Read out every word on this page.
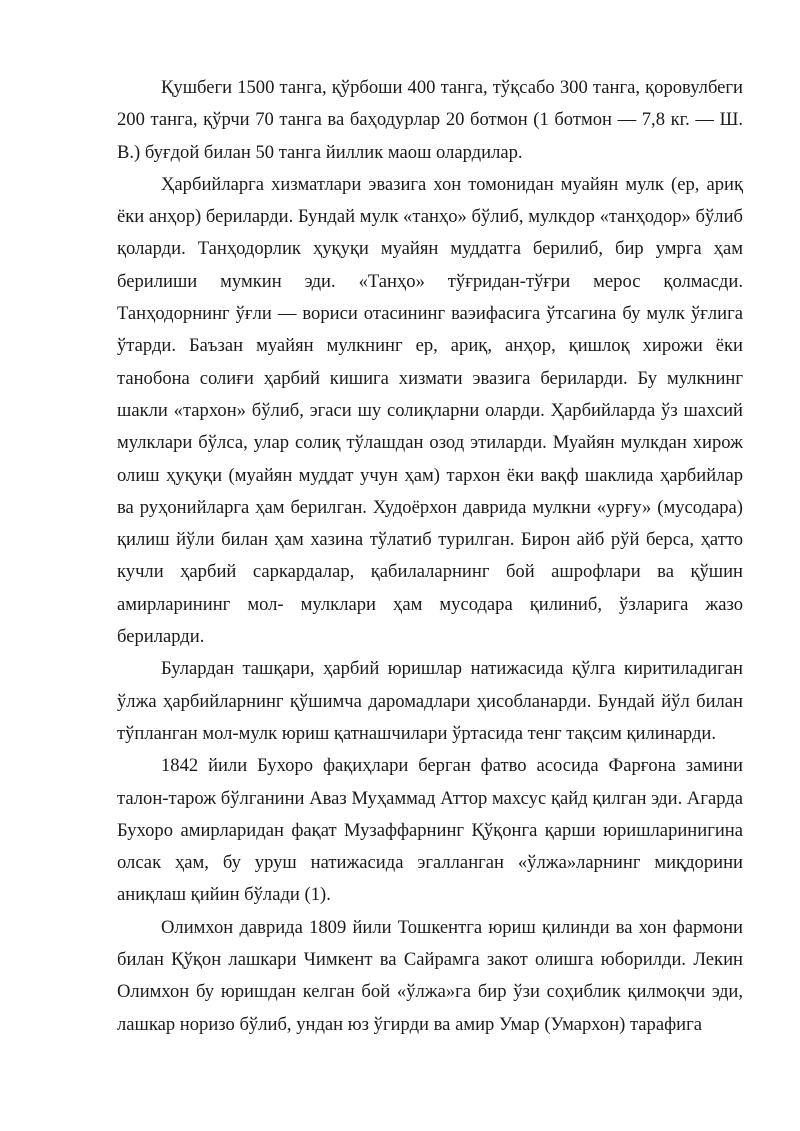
Қушбеги 1500 танга, қўрбоши 400 танга, тўқсабо 300 танга, қоровулбеги 200 танга, қўрчи 70 танга ва баҳодурлар 20 ботмон (1 ботмон — 7,8 кг. — Ш. В.) буғдой билан 50 танга йиллик маош олардилар.

Ҳарбийларга хизматлари эвазига хон томонидан муайян мулк (ер, ариқ ёки анҳор) бериларди. Бундай мулк «танҳо» бўлиб, мулкдор «танҳодор» бўлиб қоларди. Танҳодорлик ҳуқуқи муайян муддатга берилиб, бир умрга ҳам берилиши мумкин эди. «Танҳо» тўғридан-тўғри мерос қолмасди. Танҳодорнинг ўғли — вориси отасининг ваэифасига ўтсагина бу мулк ўғлига ўтарди. Баъзан муайян мулкнинг ер, ариқ, анҳор, қишлоқ хирожи ёки танобона солиғи ҳарбий кишига хизмати эвазига бериларди. Бу мулкнинг шакли «тархон» бўлиб, эгаси шу солиқларни оларди. Ҳарбийларда ўз шахсий мулклари бўлса, улар солиқ тўлашдан озод этиларди. Муайян мулкдан хирож олиш ҳуқуқи (муайян муддат учун ҳам) тархон ёки вақф шаклида ҳарбийлар ва руҳонийларга ҳам берилган. Худоёрхон даврида мулкни «урғу» (мусодара) қилиш йўли билан ҳам хазина тўлатиб турилган. Бирон айб рўй берса, ҳатто кучли ҳарбий саркардалар, қабилаларнинг бой ашрофлари ва қўшин амирларининг мол- мулклари ҳам мусодара қилиниб, ўзларига жазо бериларди.

Булардан ташқари, ҳарбий юришлар натижасида қўлга киритиладиган ўлжа ҳарбийларнинг қўшимча даромадлари ҳисобланарди. Бундай йўл билан тўпланган мол-мулк юриш қатнашчилари ўртасида тенг тақсим қилинарди.

1842 йили Бухоро фақиҳлари берган фатво асосида Фарғона замини талон-тарож бўлганини Аваз Муҳаммад Аттор махсус қайд қилган эди. Агарда Бухоро амирларидан фақат Музаффарнинг Қўқонга қарши юришларинигина олсак ҳам, бу уруш натижасида эгалланган «ўлжа»ларнинг миқдорини аниқлаш қийин бўлади (1).

Олимхон даврида 1809 йили Тошкентга юриш қилинди ва хон фармони билан Қўқон лашкари Чимкент ва Сайрамга закот олишга юборилди. Лекин Олимхон бу юришдан келган бой «ўлжа»га бир ўзи соҳиблик қилмоқчи эди, лашкар норизо бўлиб, ундан юз ўгирди ва амир Умар (Умархон) тарафига
